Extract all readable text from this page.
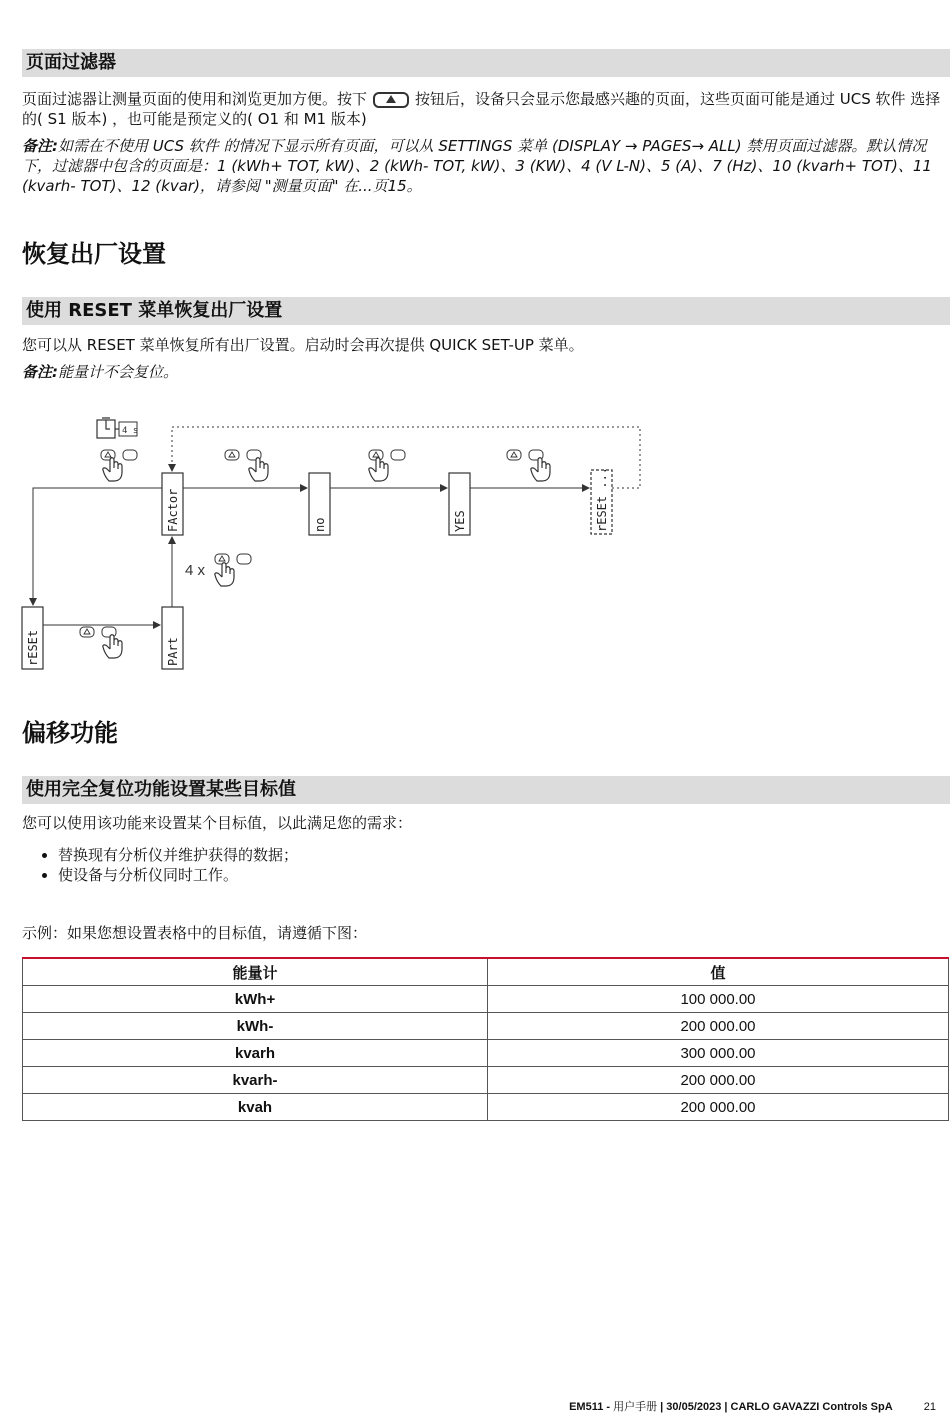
页面过滤器
页面过滤器让测量页面的使用和浏览更加方便。按下	按钮后，设备只会显示您最感兴趣的页面，这些页面可能是通过 UCS 软件 选择的( S1 版本) ，也可能是预定义的( O1 和 M1 版本)
备注:如需在不使用 UCS 软件 的情况下显示所有页面，可以从 SETTINGS 菜单 (DISPLAY → PAGES→ ALL) 禁用页面过滤器。默认情况下，过滤器中包含的页面是：1 (kWh+ TOT, kW)、2 (kWh- TOT, kW)、3 (KW)、4 (V L-N)、5 (A)、7 (Hz)、10 (kvarh+ TOT)、11 (kvarh- TOT)、12 (kvar)，请参阅 "测量页面" 在...页15。
恢复出厂设置
使用 RESET 菜单恢复出厂设置
您可以从 RESET 菜单恢复所有出厂设置。启动时会再次提供 QUICK SET-UP 菜单。
备注:能量计不会复位。
4 s
4 x
FActor	no	YES	rESEt ...
rESEt	PArt
偏移功能
使用完全复位功能设置某些目标值
您可以使用该功能来设置某个目标值，以此满足您的需求：
• 替换现有分析仪并维护获得的数据；
• 使设备与分析仪同时工作。
示例：如果您想设置表格中的目标值，请遵循下图：
能量计	值
kWh+	100 000.00
kWh-	200 000.00
kvarh	300 000.00
kvarh-	200 000.00
kvah	200 000.00
EM511 - 用户手册 | 30/05/2023 | CARLO GAVAZZI Controls SpA	21
